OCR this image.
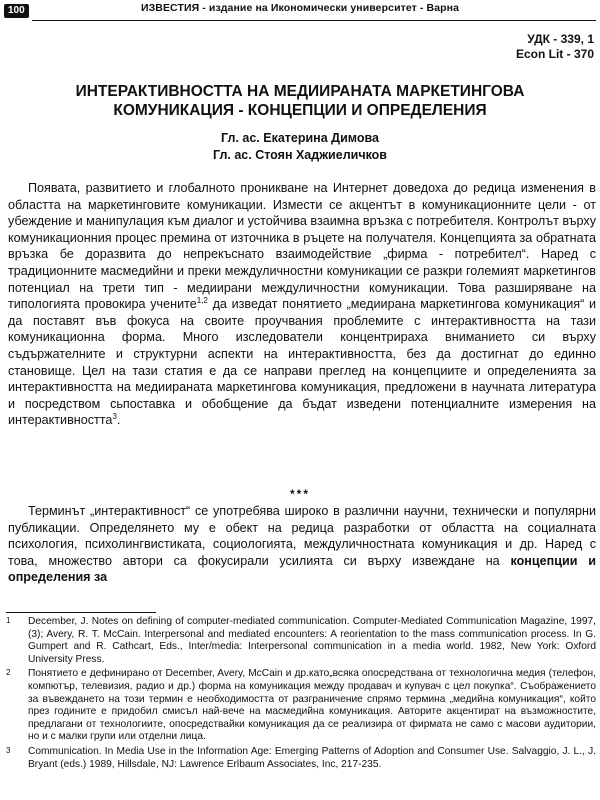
100	ИЗВЕСТИЯ - издание на Икономически университет - Варна
УДК - 339, 1
Econ Lit - 370
ИНТЕРАКТИВНОСТТА НА МЕДИИРАНАТА МАРКЕТИНГОВА КОМУНИКАЦИЯ - КОНЦЕПЦИИ И ОПРЕДЕЛЕНИЯ
Гл. ас. Екатерина Димова
Гл. ас. Стоян Хаджиеличков

Появата, развитието и глобалното проникване на Интернет доведоха до редица изменения в областта на маркетинговите комуникации. Измести се акцентът в комуникационните цели - от убеждение и манипулация към диалог и устойчива взаимна връзка с потребителя. Контролът върху комуникационния процес премина от източника в ръцете на получателя. Концепцията за обратната връзка бе доразвита до непрекъснато взаимодействие „фирма - потребител“. Наред с традиционните масмедийни и преки междуличностни комуникации се разкри големият маркетингов потенциал на трети тип - медиирани междуличностни комуникации. Това разширяване на типологията провокира учените$^{1,2}$ да изведат понятието „медиирана маркетингова комуникация“ и да поставят във фокуса на своите проучвания проблемите с интерактивността на тази комуникационна форма. Много изследователи концентрираха вниманието си върху съдържателните и структурни аспекти на интерактивността, без да достигнат до единно становище. Цел на тази статия е да се направи преглед на концепциите и определенията за интерактивността на медиираната маркетингова комуникация, предложени в научната литература и посредством сьпоставка и обобщение да бъдат изведени потенциалните измерения на интерактивността$^3$.

***

Терминът „интерактивност“ се употребява широко в различни научни, технически и популярни публикации. Определянето му е обект на редица разработки от областта на социалната психология, психолингвистиката, социологията, междуличностната комуникация и др. Наред с това, множество автори са фокусирали усилията си върху извеждане на концепции и определения за

1 December, J. Notes on defining of computer-mediated communication. Computer-Mediated Communication Magazine, 1997,(3); Avery, R. T. McCain. Interpersonal and mediated encounters: A reorientation to the mass communication process. In G. Gumpert and R. Cathcart, Eds., Inter/media: Interpersonal communication in a media world. 1982, New York: Oxford University Press.
2 Понятието е дефинирано от December, Avery, McCain и др.като„всяка опосредствана от технологична медия (телефон, компютър, телевизия, радио и др.) форма на комуникация между продавач и купувач с цел покупка“. Съображението за въвеждането на този термин е необходимостта от разграничение спрямо термина „медийна комуникация“, който през годините е придобил смисъл най-вече на масмедийна комуникация. Авторите акцентират на възможностите, предлагани от технологиите, опосредствайки комуникация да се реализира от фирмата не само с масови аудитории, но и с малки групи или отделни лица.
3 Communication. In Media Use in the Information Age: Emerging Patterns of Adoption and Consumer Use. Salvaggio, J. L., J. Bryant (eds.) 1989, Hillsdale, NJ: Lawrence Erlbaum Associates, Inc, 217-235.
